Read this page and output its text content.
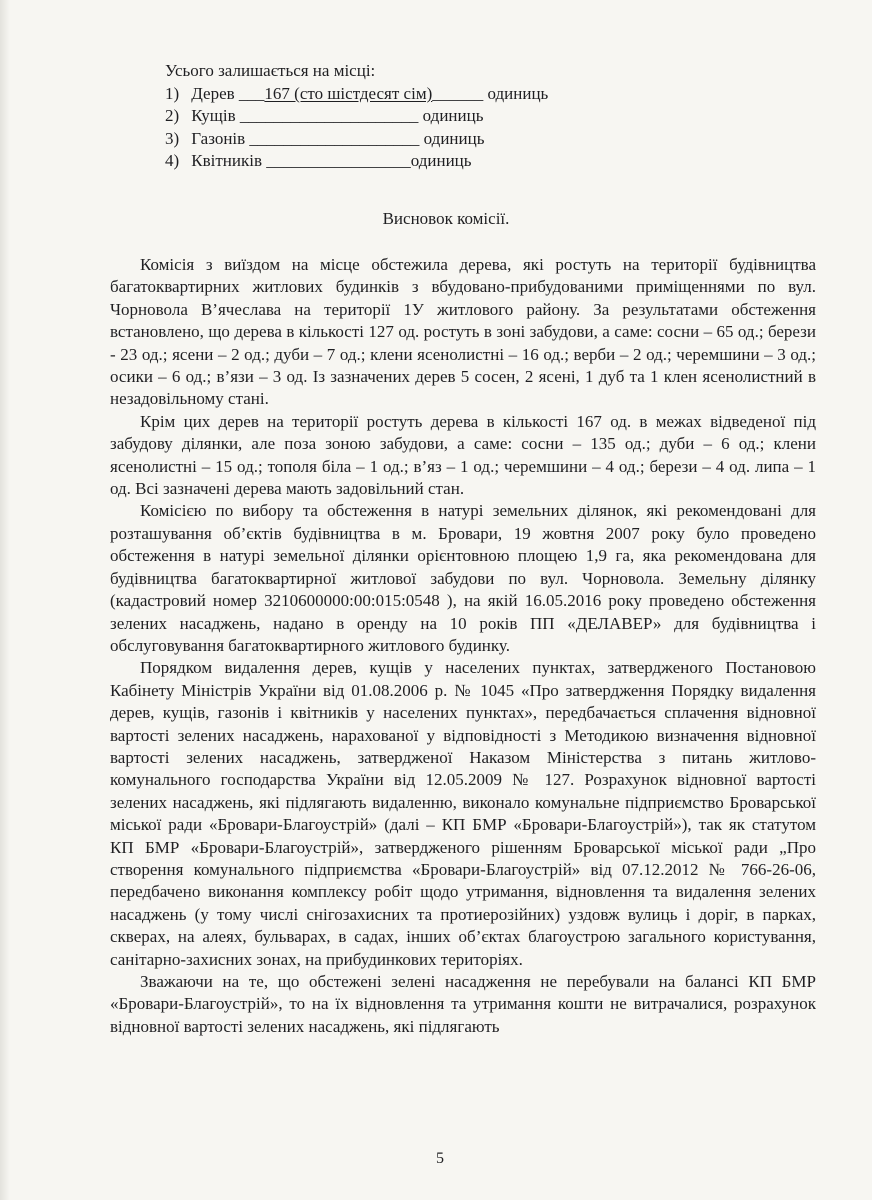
Усього залишається на місці:
1) Дерев ___167 (сто шістдесят сім)______ одиниць
2) Кущів _____________________ одиниць
3) Газонів ____________________ одиниць
4) Квітників _________________одиниць
Висновок комісії.

Комісія з виїздом на місце обстежила дерева, які ростуть на території будівництва багатоквартирних житлових будинків з вбудовано-прибудованими приміщеннями по вул. Чорновола В’ячеслава на території 1У житлового району. За результатами обстеження встановлено, що дерева в кількості 127 од. ростуть в зоні забудови, а саме: сосни – 65 од.; берези - 23 од.; ясени – 2 од.; дуби – 7 од.; клени ясенолистні – 16 од.; верби – 2 од.; черемшини – 3 од.; осики – 6 од.; в’язи – 3 од. Із зазначених дерев 5 сосен, 2 ясені, 1 дуб та 1 клен ясенолистний в незадовільному стані.

Крім цих дерев на території ростуть дерева в кількості 167 од. в межах відведеної під забудову ділянки, але поза зоною забудови, а саме: сосни – 135 од.; дуби – 6 од.; клени ясенолистні – 15 од.; тополя біла – 1 од.; в’яз – 1 од.; черемшини – 4 од.; берези – 4 од. липа – 1 од. Всі зазначені дерева мають задовільний стан.

Комісією по вибору та обстеження в натурі земельних ділянок, які рекомендовані для розташування об’єктів будівництва в м. Бровари, 19 жовтня 2007 року було проведено обстеження в натурі земельної ділянки орієнтовною площею 1,9 га, яка рекомендована для будівництва багатоквартирної житлової забудови по вул. Чорновола. Земельну ділянку (кадастровий номер 3210600000:00:015:0548 ), на якій 16.05.2016 року проведено обстеження зелених насаджень, надано в оренду на 10 років ПП «ДЕЛАВЕР» для будівництва і обслуговування багатоквартирного житлового будинку.

Порядком видалення дерев, кущів у населених пунктах, затвердженого Постановою Кабінету Міністрів України від 01.08.2006 р. № 1045 «Про затвердження Порядку видалення дерев, кущів, газонів і квітників у населених пунктах», передбачається сплачення відновної вартості зелених насаджень, нарахованої у відповідності з Методикою визначення відновної вартості зелених насаджень, затвердженої Наказом Міністерства з питань житлово-комунального господарства України від 12.05.2009 № 127. Розрахунок відновної вартості зелених насаджень, які підлягають видаленню, виконало комунальне підприємство Броварської міської ради «Бровари-Благоустрій» (далі – КП БМР «Бровари-Благоустрій»), так як статутом КП БМР «Бровари-Благоустрій», затвердженого рішенням Броварської міської ради „Про створення комунального підприємства «Бровари-Благоустрій» від 07.12.2012 № 766-26-06, передбачено виконання комплексу робіт щодо утримання, відновлення та видалення зелених насаджень (у тому числі снігозахисних та протиерозійних) уздовж вулиць і доріг, в парках, скверах, на алеях, бульварах, в садах, інших об’єктах благоустрою загального користування, санітарно-захисних зонах, на прибудинкових територіях.

Зважаючи на те, що обстежені зелені насадження не перебували на балансі КП БМР «Бровари-Благоустрій», то на їх відновлення та утримання кошти не витрачалися, розрахунок відновної вартості зелених насаджень, які підлягають

5
